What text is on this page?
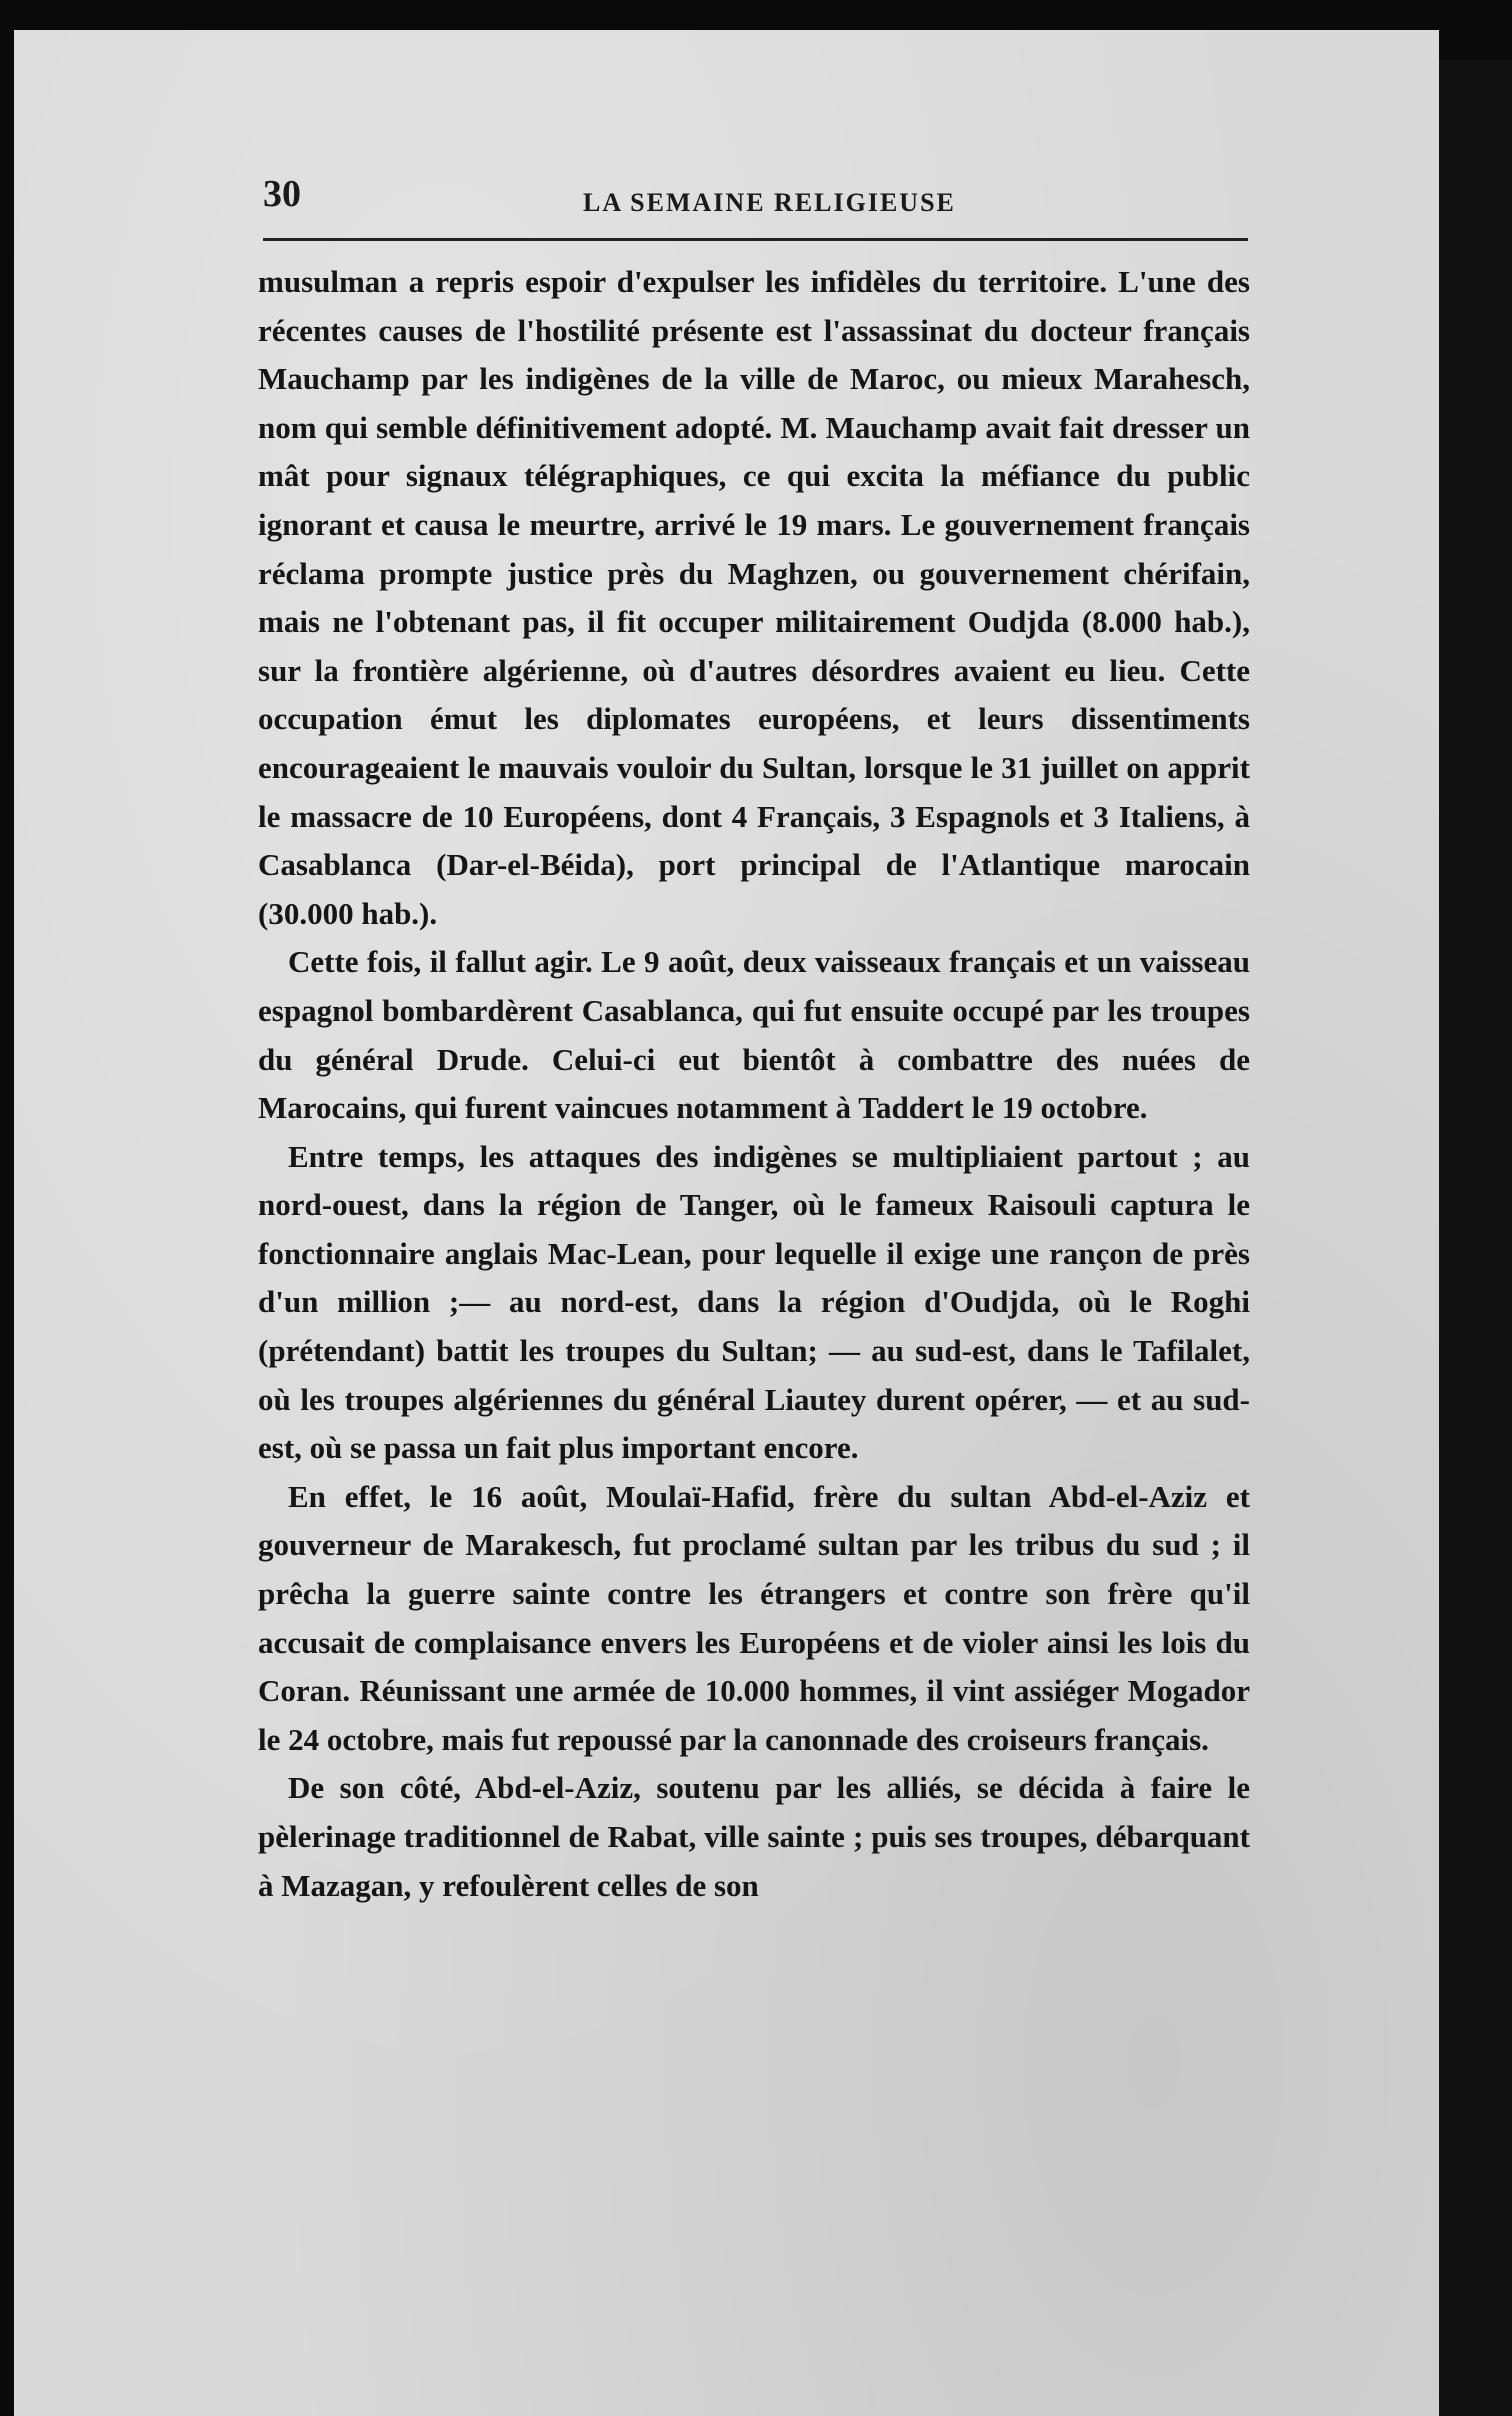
30	LA SEMAINE RELIGIEUSE

musulman a repris espoir d'expulser les infidèles du territoire. L'une des récentes causes de l'hostilité présente est l'assassinat du docteur français Mauchamp par les indigènes de la ville de Maroc, ou mieux Marahesch, nom qui semble définitivement adopté. M. Mauchamp avait fait dresser un mât pour signaux télégraphiques, ce qui excita la méfiance du public ignorant et causa le meurtre, arrivé le 19 mars. Le gouvernement français réclama prompte justice près du Maghzen, ou gouvernement chérifain, mais ne l'obtenant pas, il fit occuper militairement Oudjda (8.000 hab.), sur la frontière algérienne, où d'autres désordres avaient eu lieu. Cette occupation émut les diplomates européens, et leurs dissentiments encourageaient le mauvais vouloir du Sultan, lorsque le 31 juillet on apprit le massacre de 10 Européens, dont 4 Français, 3 Espagnols et 3 Italiens, à Casablanca (Dar-el-Béida), port principal de l'Atlantique marocain (30.000 hab.).

Cette fois, il fallut agir. Le 9 août, deux vaisseaux français et un vaisseau espagnol bombardèrent Casablanca, qui fut ensuite occupé par les troupes du général Drude. Celui-ci eut bientôt à combattre des nuées de Marocains, qui furent vaincues notamment à Taddert le 19 octobre.

Entre temps, les attaques des indigènes se multipliaient partout ; au nord-ouest, dans la région de Tanger, où le fameux Raisouli captura le fonctionnaire anglais Mac-Lean, pour lequelle il exige une rançon de près d'un million ;— au nord-est, dans la région d'Oudjda, où le Roghi (prétendant) battit les troupes du Sultan; — au sud-est, dans le Tafilalet, où les troupes algériennes du général Liautey durent opérer, — et au sud-est, où se passa un fait plus important encore.

En effet, le 16 août, Moulaï-Hafid, frère du sultan Abd-el-Aziz et gouverneur de Marakesch, fut proclamé sultan par les tribus du sud ; il prêcha la guerre sainte contre les étrangers et contre son frère qu'il accusait de complaisance envers les Européens et de violer ainsi les lois du Coran. Réunissant une armée de 10.000 hommes, il vint assiéger Mogador le 24 octobre, mais fut repoussé par la canonnade des croiseurs français.

De son côté, Abd-el-Aziz, soutenu par les alliés, se décida à faire le pèlerinage traditionnel de Rabat, ville sainte ; puis ses troupes, débarquant à Mazagan, y refoulèrent celles de son
